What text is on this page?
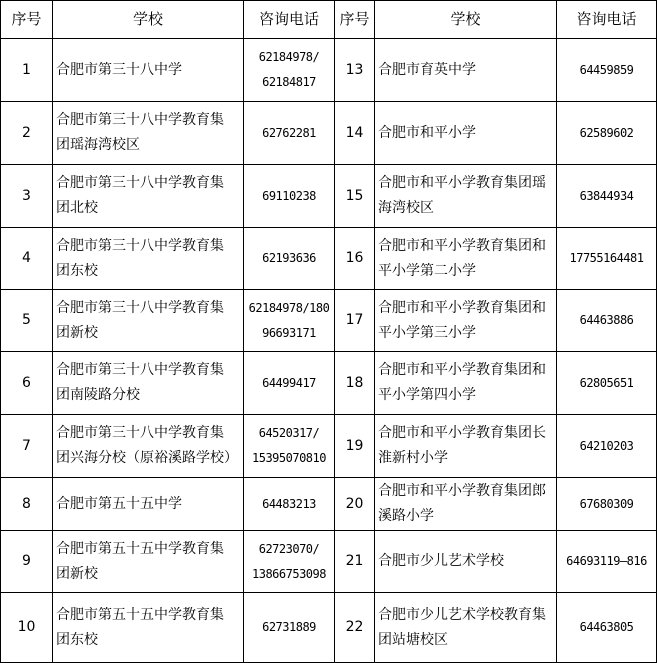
序号	学校	咨询电话	序号	学校	咨询电话
1	合肥市第三十八中学	62184978/
62184817	13	合肥市育英中学	64459859

2	合肥市第三十八中学教育集
团瑶海湾校区	62762281	14	合肥市和平小学	62589602

3	合肥市第三十八中学教育集
团北校	69110238	15	合肥市和平小学教育集团瑶
海湾校区	63844934

4	合肥市第三十八中学教育集
团东校	62193636	16	合肥市和平小学教育集团和
平小学第二小学	17755164481

5	合肥市第三十八中学教育集
团新校	62184978/180
96693171	17	合肥市和平小学教育集团和
平小学第三小学	64463886

6	合肥市第三十八中学教育集
团南陵路分校	64499417	18	合肥市和平小学教育集团和
平小学第四小学	62805651

7	合肥市第三十八中学教育集
团兴海分校（原裕溪路学校）	64520317/
15395070810	19	合肥市和平小学教育集团长
淮新村小学	64210203

8	合肥市第五十五中学	64483213	20	合肥市和平小学教育集团郎
溪路小学	67680309

9	合肥市第五十五中学教育集
团新校	62723070/
13866753098	21	合肥市少儿艺术学校	64693119—816

10	合肥市第五十五中学教育集
团东校	62731889	22	合肥市少儿艺术学校教育集
团站塘校区	64463805
